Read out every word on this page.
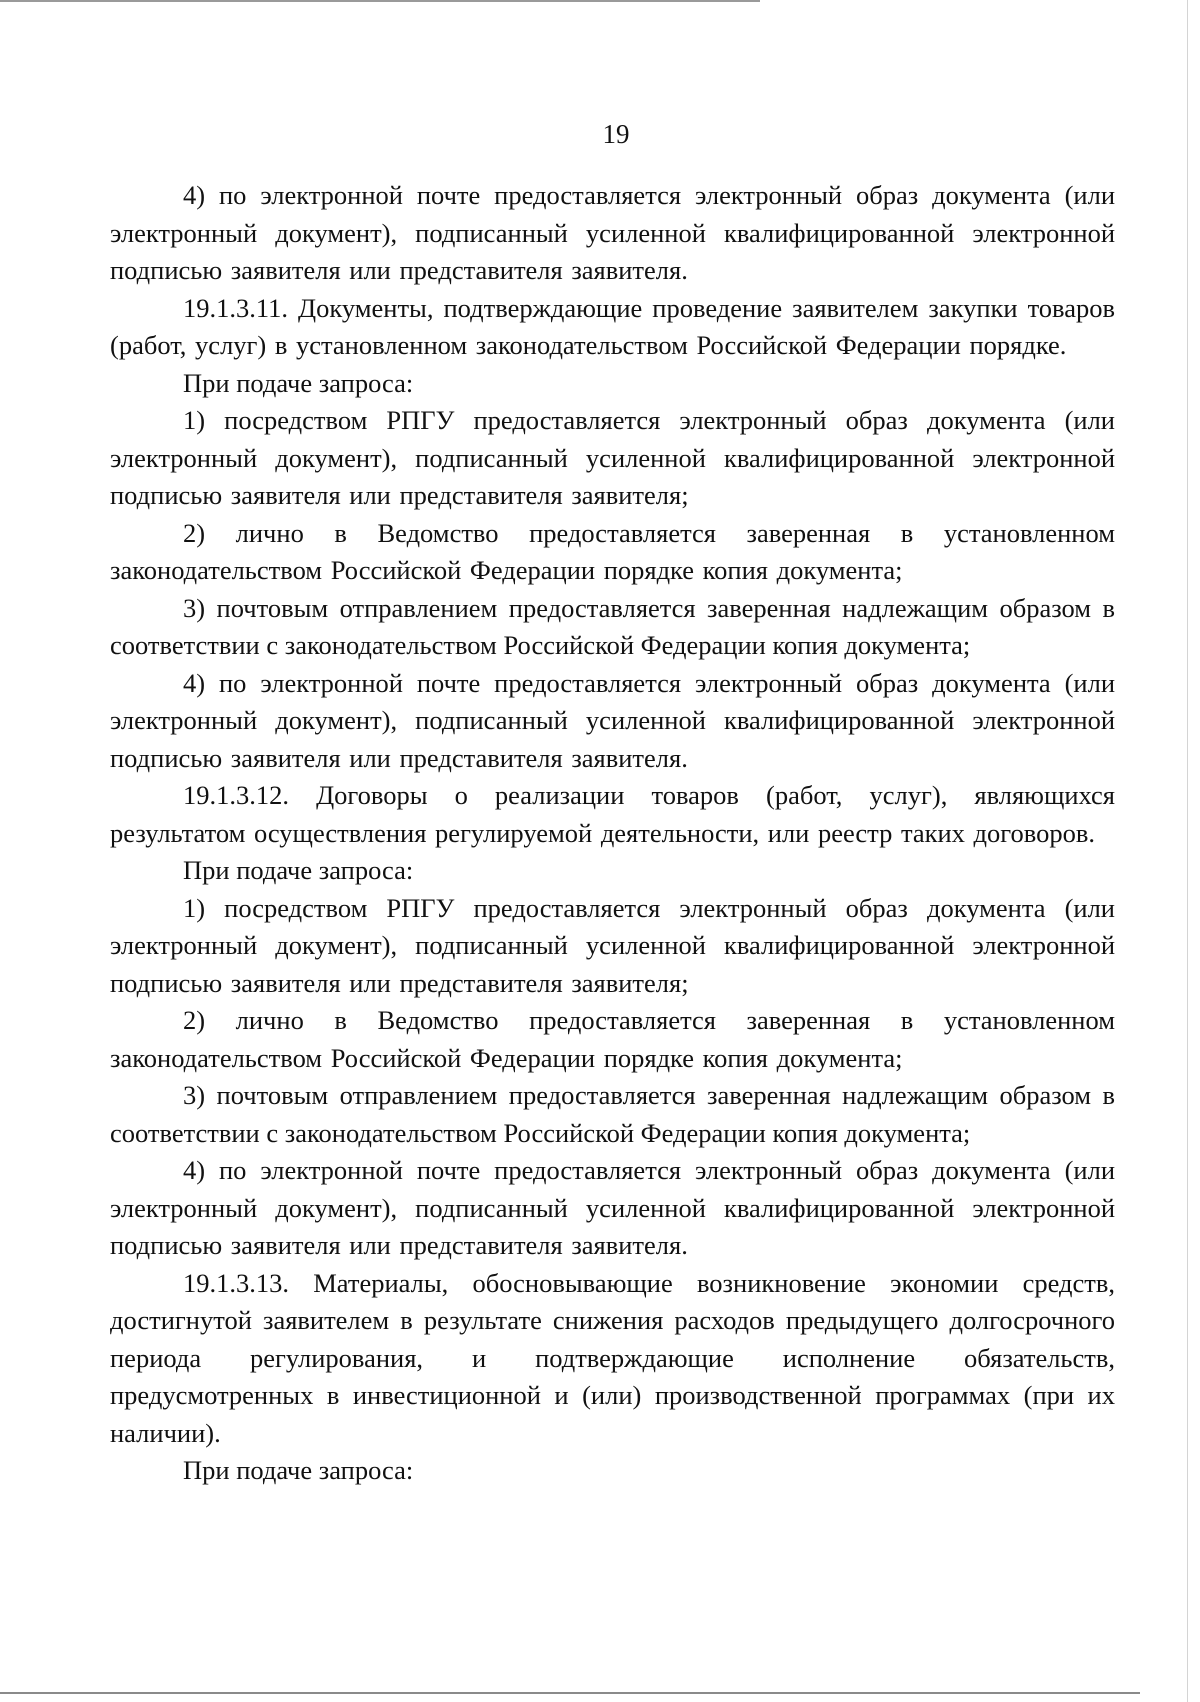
19

4) по электронной почте предоставляется электронный образ документа (или электронный документ), подписанный усиленной квалифицированной электронной подписью заявителя или представителя заявителя.

19.1.3.11. Документы, подтверждающие проведение заявителем закупки товаров (работ, услуг) в установленном законодательством Российской Федерации порядке.

При подаче запроса:

1) посредством РПГУ предоставляется электронный образ документа (или электронный документ), подписанный усиленной квалифицированной электронной подписью заявителя или представителя заявителя;

2) лично в Ведомство предоставляется заверенная в установленном законодательством Российской Федерации порядке копия документа;

3) почтовым отправлением предоставляется заверенная надлежащим образом в соответствии с законодательством Российской Федерации копия документа;

4) по электронной почте предоставляется электронный образ документа (или электронный документ), подписанный усиленной квалифицированной электронной подписью заявителя или представителя заявителя.

19.1.3.12. Договоры о реализации товаров (работ, услуг), являющихся результатом осуществления регулируемой деятельности, или реестр таких договоров.

При подаче запроса:

1) посредством РПГУ предоставляется электронный образ документа (или электронный документ), подписанный усиленной квалифицированной электронной подписью заявителя или представителя заявителя;

2) лично в Ведомство предоставляется заверенная в установленном законодательством Российской Федерации порядке копия документа;

3) почтовым отправлением предоставляется заверенная надлежащим образом в соответствии с законодательством Российской Федерации копия документа;

4) по электронной почте предоставляется электронный образ документа (или электронный документ), подписанный усиленной квалифицированной электронной подписью заявителя или представителя заявителя.

19.1.3.13. Материалы, обосновывающие возникновение экономии средств, достигнутой заявителем в результате снижения расходов предыдущего долгосрочного периода регулирования, и подтверждающие исполнение обязательств, предусмотренных в инвестиционной и (или) производственной программах (при их наличии).

При подаче запроса:
